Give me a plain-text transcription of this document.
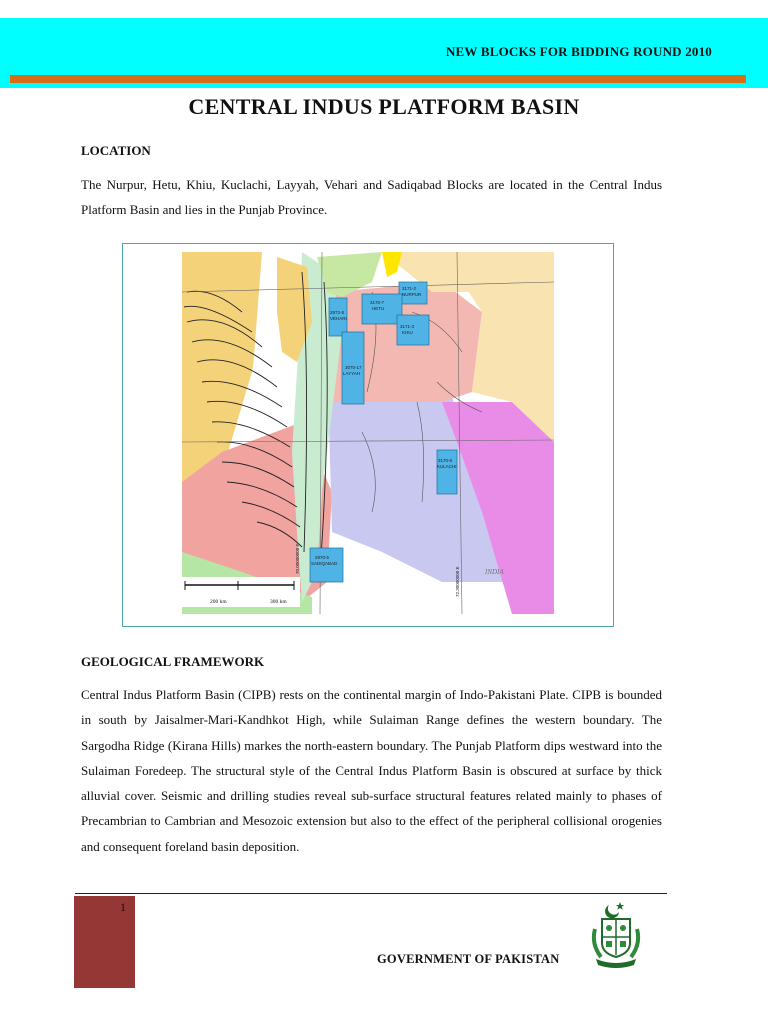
NEW BLOCKS FOR BIDDING ROUND 2010
CENTRAL INDUS PLATFORM BASIN
LOCATION

The Nurpur, Hetu, Khiu, Kuclachi, Layyah, Vehari and Sadiqabad Blocks are located in the Central Indus Platform Basin and lies in the Punjab Province.

3171-2
NURPUR
3170-7
HETU
2972-8
VEHARI
3171-3
KHIU
3070-17
LAYYAH
3170-8
KULACHI
2870-5
SADIQABAD
INDIA
70.00000000 E
72.30000000 E
200 km	300 km
GEOLOGICAL FRAMEWORK

Central Indus Platform Basin (CIPB) rests on the continental margin of Indo-Pakistani Plate. CIPB is bounded in south by Jaisalmer-Mari-Kandhkot High, while Sulaiman Range defines the western boundary. The Sargodha Ridge (Kirana Hills) markes the north-eastern boundary. The Punjab Platform dips westward into the Sulaiman Foredeep. The structural style of the Central Indus Platform Basin is obscured at surface by thick alluvial cover. Seismic and drilling studies reveal sub-surface structural features related mainly to phases of Precambrian to Cambrian and Mesozoic extension but also to the effect of the peripheral collisional orogenies and consequent foreland basin deposition.

1
GOVERNMENT OF PAKISTAN
